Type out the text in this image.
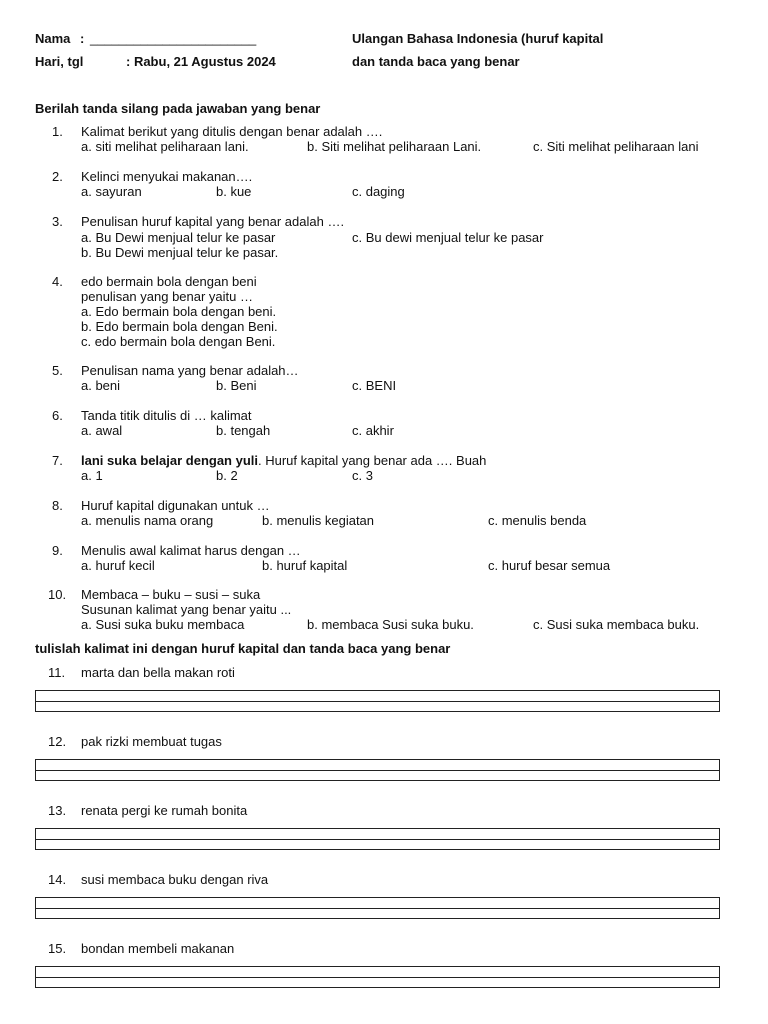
Nama : _______________________
Hari, tgl	: Rabu, 21 Agustus 2024
Ulangan Bahasa Indonesia (huruf kapital
dan tanda baca yang benar
Berilah tanda silang pada jawaban yang benar
1. Kalimat berikut yang ditulis dengan benar adalah ….
a. siti melihat peliharaan lani.	b. Siti melihat peliharaan Lani.	c. Siti melihat peliharaan lani
2. Kelinci menyukai makanan….
a. sayuran	b. kue	c. daging
3. Penulisan huruf kapital yang benar adalah ….
a. Bu Dewi menjual telur ke pasar	c. Bu dewi menjual telur ke pasar
b. Bu Dewi menjual telur ke pasar.
4. edo bermain bola dengan beni
penulisan yang benar yaitu …
a. Edo bermain bola dengan beni.
b. Edo bermain bola dengan Beni.
c. edo bermain bola dengan Beni.
5. Penulisan nama yang benar adalah…
a. beni	b. Beni	c. BENI
6. Tanda titik ditulis di … kalimat
a. awal	b. tengah	c. akhir
7. lani suka belajar dengan yuli. Huruf kapital yang benar ada …. Buah
a. 1	b. 2	c. 3
8. Huruf kapital digunakan untuk …
a. menulis nama orang	b. menulis kegiatan	c. menulis benda
9. Menulis awal kalimat harus dengan …
a. huruf kecil	b. huruf kapital	c. huruf besar semua
10. Membaca – buku – susi – suka
Susunan kalimat yang benar yaitu ...
a. Susi suka buku membaca	b. membaca Susi suka buku.	c. Susi suka membaca buku.
tulislah kalimat ini dengan huruf kapital dan tanda baca yang benar
11. marta dan bella makan roti
12. pak rizki membuat tugas
13. renata pergi ke rumah bonita
14. susi membaca buku dengan riva
15. bondan membeli makanan
